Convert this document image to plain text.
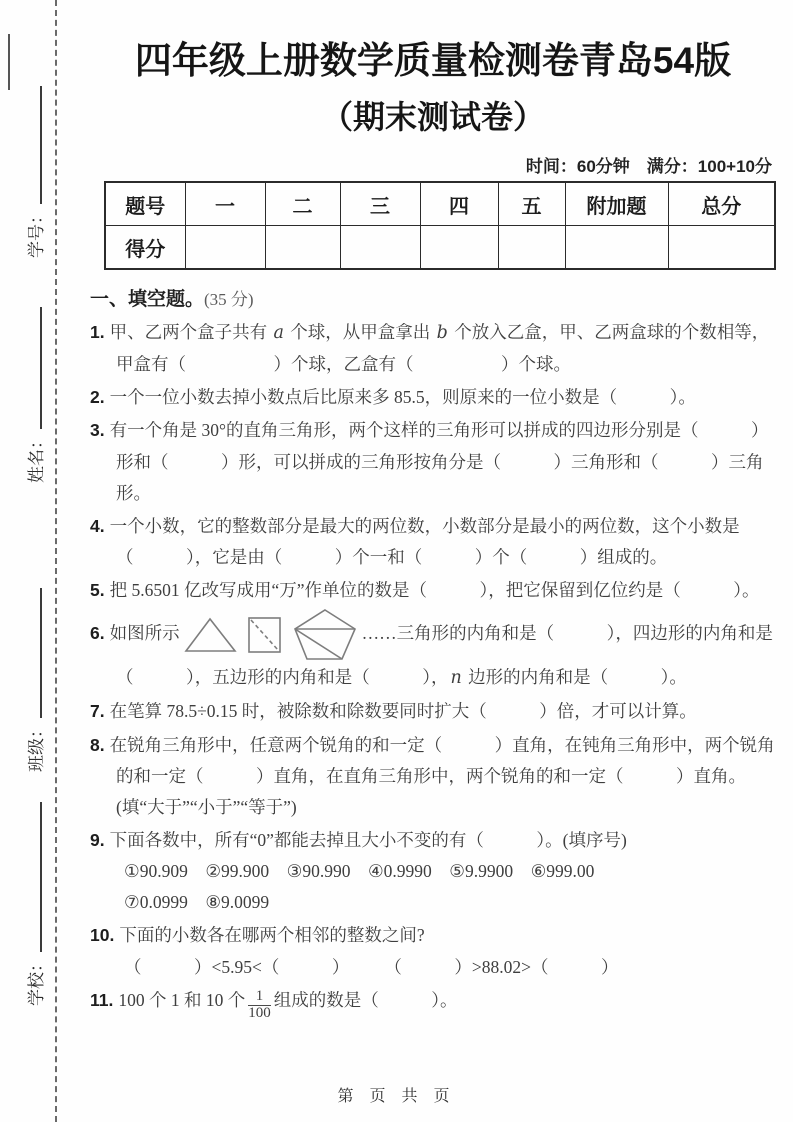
学号：
姓名：
班级：
学校：
四年级上册数学质量检测卷青岛54版
（期末测试卷）
时间：60分钟　满分：100+10分
题号	一	二	三	四	五	附加题	总分
得分							
一、填空题。(35 分)
1. 甲、乙两个盒子共有 a 个球，从甲盒拿出 b 个放入乙盒，甲、乙两盒球的个数相等，甲盒有（　　　　　）个球，乙盒有（　　　　　）个球。
2. 一个一位小数去掉小数点后比原来多 85.5，则原来的一位小数是（　　　）。
3. 有一个角是 30°的直角三角形，两个这样的三角形可以拼成的四边形分别是（　　　）形和（　　　）形，可以拼成的三角形按角分是（　　　）三角形和（　　　）三角形。
4. 一个小数，它的整数部分是最大的两位数，小数部分是最小的两位数，这个小数是（　　　），它是由（　　　）个一和（　　　）个（　　　）组成的。
5. 把 5.6501 亿改写成用“万”作单位的数是（　　　），把它保留到亿位约是（　　　）。
6. 如图所示	……三角形的内角和是（　　　），四边形的内角和是（　　　），五边形的内角和是（　　　）， n 边形的内角和是（　　　）。
7. 在笔算 78.5÷0.15 时，被除数和除数要同时扩大（　　　）倍，才可以计算。
8. 在锐角三角形中，任意两个锐角的和一定（　　　）直角，在钝角三角形中，两个锐角的和一定（　　　）直角，在直角三角形中，两个锐角的和一定（　　　）直角。(填“大于”“小于”“等于”)
9. 下面各数中，所有“0”都能去掉且大小不变的有（　　　）。(填序号)
①90.909　②99.900　③90.990　④0.9990　⑤9.9900　⑥999.00
⑦0.0999　⑧9.0099
10. 下面的小数各在哪两个相邻的整数之间?
（　　　）<5.95<（　　　）　　　（　　　）>88.02>（　　　）
11. 100 个 1 和 10 个 $\frac{1}{100}$ 组成的数是（　　　）。
第 页 共 页
